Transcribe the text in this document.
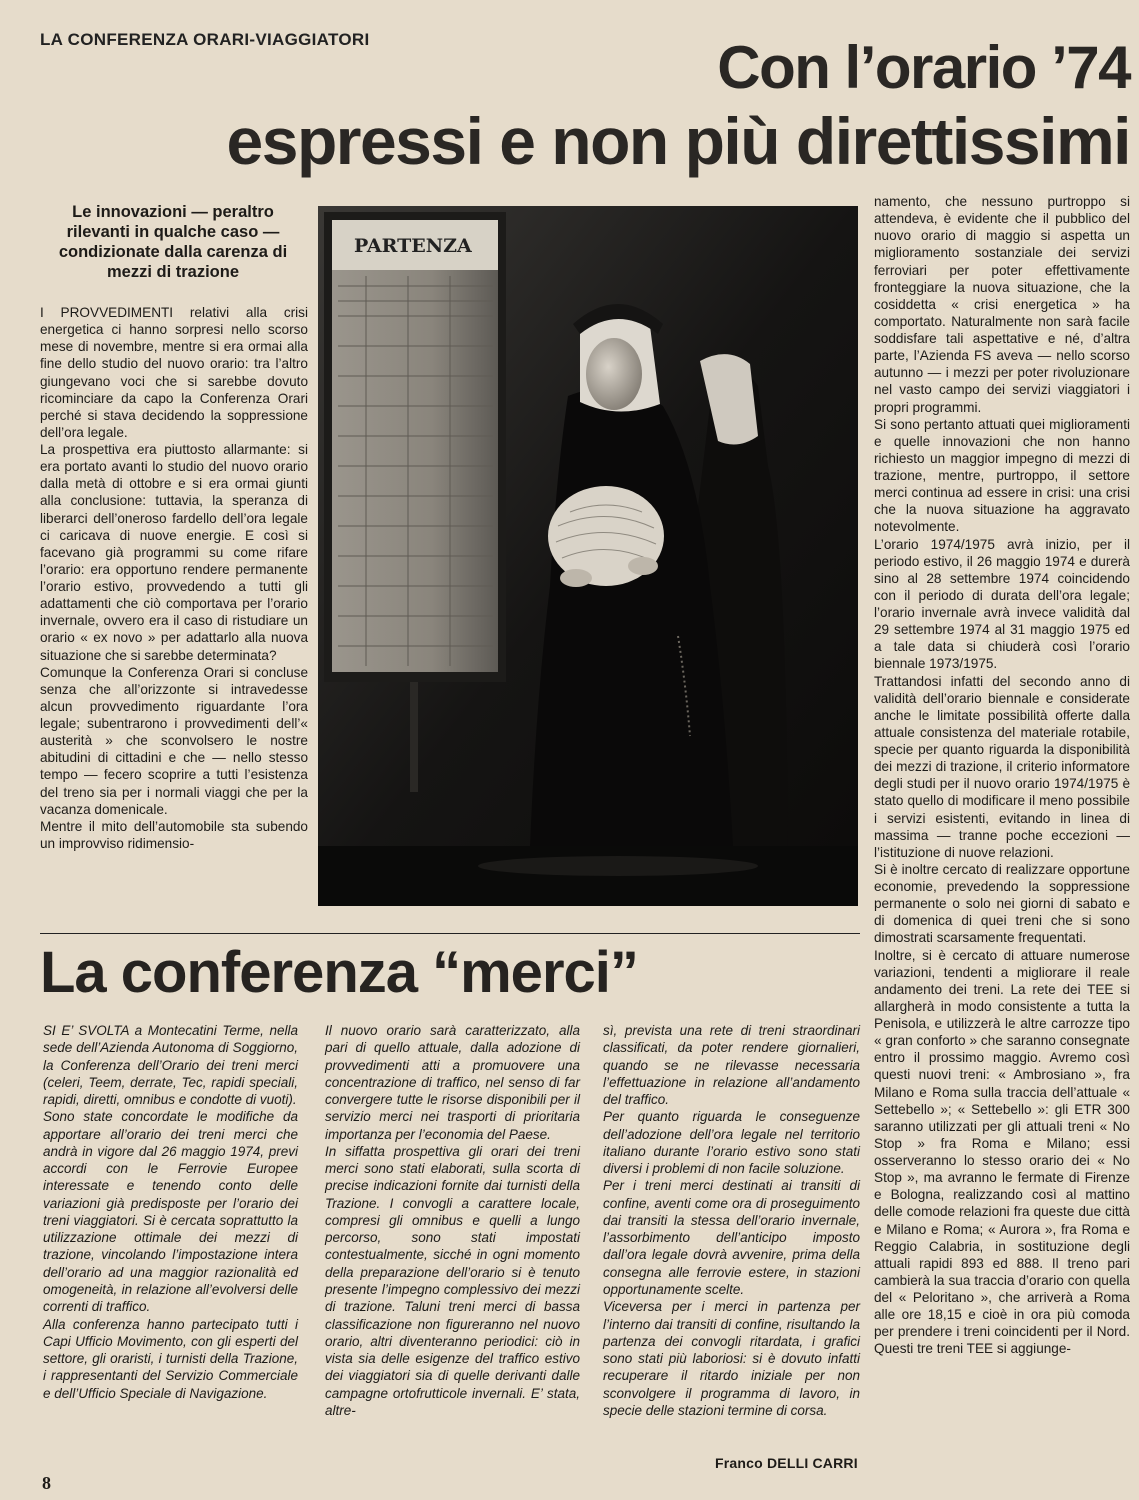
LA CONFERENZA ORARI-VIAGGIATORI	Con l’orario ’74
espressi e non più direttissimi
Le innovazioni — peraltro rilevanti in qualche caso — condizionate dalla carenza di mezzi di trazione

I PROVVEDIMENTI relativi alla crisi energetica ci hanno sorpresi nello scorso mese di novembre, mentre si era ormai alla fine dello studio del nuovo orario: tra l’altro giungevano voci che si sarebbe dovuto ricominciare da capo la Conferenza Orari perché si stava decidendo la soppressione dell’ora legale.

La prospettiva era piuttosto allarmante: si era portato avanti lo studio del nuovo orario dalla metà di ottobre e si era ormai giunti alla conclusione: tuttavia, la speranza di liberarci dell’oneroso fardello dell’ora legale ci caricava di nuove energie. E così si facevano già programmi su come rifare l’orario: era opportuno rendere permanente l’orario estivo, provvedendo a tutti gli adattamenti che ciò comportava per l’orario invernale, ovvero era il caso di ristudiare un orario « ex novo » per adattarlo alla nuova situazione che si sarebbe determinata?

Comunque la Conferenza Orari si concluse senza che all’orizzonte si intravedesse alcun provvedimento riguardante l’ora legale; subentrarono i provvedimenti dell’« austerità » che sconvolsero le nostre abitudini di cittadini e che — nello stesso tempo — fecero scoprire a tutti l’esistenza del treno sia per i normali viaggi che per la vacanza domenicale.

Mentre il mito dell’automobile sta subendo un improvviso ridimensio-

PARTENZA

namento, che nessuno purtroppo si attendeva, è evidente che il pubblico del nuovo orario di maggio si aspetta un miglioramento sostanziale dei servizi ferroviari per poter effettivamente fronteggiare la nuova situazione, che la cosiddetta « crisi energetica » ha comportato. Naturalmente non sarà facile soddisfare tali aspettative e né, d’altra parte, l’Azienda FS aveva — nello scorso autunno — i mezzi per poter rivoluzionare nel vasto campo dei servizi viaggiatori i propri programmi.

Si sono pertanto attuati quei miglioramenti e quelle innovazioni che non hanno richiesto un maggior impegno di mezzi di trazione, mentre, purtroppo, il settore merci continua ad essere in crisi: una crisi che la nuova situazione ha aggravato notevolmente.

L’orario 1974/1975 avrà inizio, per il periodo estivo, il 26 maggio 1974 e durerà sino al 28 settembre 1974 coincidendo con il periodo di durata dell’ora legale; l’orario invernale avrà invece validità dal 29 settembre 1974 al 31 maggio 1975 ed a tale data si chiuderà così l’orario biennale 1973/1975.

Trattandosi infatti del secondo anno di validità dell’orario biennale e considerate anche le limitate possibilità offerte dalla attuale consistenza del materiale rotabile, specie per quanto riguarda la disponibilità dei mezzi di trazione, il criterio informatore degli studi per il nuovo orario 1974/1975 è stato quello di modificare il meno possibile i servizi esistenti, evitando in linea di massima — tranne poche eccezioni — l’istituzione di nuove relazioni.

Si è inoltre cercato di realizzare opportune economie, prevedendo la soppressione permanente o solo nei giorni di sabato e di domenica di quei treni che si sono dimostrati scarsamente frequentati.

Inoltre, si è cercato di attuare numerose variazioni, tendenti a migliorare il reale andamento dei treni. La rete dei TEE si allargherà in modo consistente a tutta la Penisola, e utilizzerà le altre carrozze tipo « gran conforto » che saranno consegnate entro il prossimo maggio. Avremo così questi nuovi treni: « Ambrosiano », fra Milano e Roma sulla traccia dell’attuale « Settebello »; « Settebello »: gli ETR 300 saranno utilizzati per gli attuali treni « No Stop » fra Roma e Milano; essi osserveranno lo stesso orario dei « No Stop », ma avranno le fermate di Firenze e Bologna, realizzando così al mattino delle comode relazioni fra queste due città e Milano e Roma; « Aurora », fra Roma e Reggio Calabria, in sostituzione degli attuali rapidi 893 ed 888. Il treno pari cambierà la sua traccia d’orario con quella del « Peloritano », che arriverà a Roma alle ore 18,15 e cioè in ora più comoda per prendere i treni coincidenti per il Nord. Questi tre treni TEE si aggiunge-

La conferenza “merci”

SI E’ SVOLTA a Montecatini Terme, nella sede dell’Azienda Autonoma di Soggiorno, la Conferenza dell’Orario dei treni merci (celeri, Teem, derrate, Tec, rapidi speciali, rapidi, diretti, omnibus e condotte di vuoti).

Sono state concordate le modifiche da apportare all’orario dei treni merci che andrà in vigore dal 26 maggio 1974, previ accordi con le Ferrovie Europee interessate e tenendo conto delle variazioni già predisposte per l’orario dei treni viaggiatori. Si è cercata soprattutto la utilizzazione ottimale dei mezzi di trazione, vincolando l’impostazione intera dell’orario ad una maggior razionalità ed omogeneità, in relazione all’evolversi delle correnti di traffico.

Alla conferenza hanno partecipato tutti i Capi Ufficio Movimento, con gli esperti del settore, gli oraristi, i turnisti della Trazione, i rappresentanti del Servizio Commerciale e dell’Ufficio Speciale di Navigazione.

Il nuovo orario sarà caratterizzato, alla pari di quello attuale, dalla adozione di provvedimenti atti a promuovere una concentrazione di traffico, nel senso di far convergere tutte le risorse disponibili per il servizio merci nei trasporti di prioritaria importanza per l’economia del Paese.

In siffatta prospettiva gli orari dei treni merci sono stati elaborati, sulla scorta di precise indicazioni fornite dai turnisti della Trazione. I convogli a carattere locale, compresi gli omnibus e quelli a lungo percorso, sono stati impostati contestualmente, sicché in ogni momento della preparazione dell’orario si è tenuto presente l’impegno complessivo dei mezzi di trazione. Taluni treni merci di bassa classificazione non figureranno nel nuovo orario, altri diventeranno periodici: ciò in vista sia delle esigenze del traffico estivo dei viaggiatori sia di quelle derivanti dalle campagne ortofrutticole invernali. E’ stata, altre-

sì, prevista una rete di treni straordinari classificati, da poter rendere giornalieri, quando se ne rilevasse necessaria l’effettuazione in relazione all’andamento del traffico.

Per quanto riguarda le conseguenze dell’adozione dell’ora legale nel territorio italiano durante l’orario estivo sono stati diversi i problemi di non facile soluzione.

Per i treni merci destinati ai transiti di confine, aventi come ora di proseguimento dai transiti la stessa dell’orario invernale, l’assorbimento dell’anticipo imposto dall’ora legale dovrà avvenire, prima della consegna alle ferrovie estere, in stazioni opportunamente scelte.

Viceversa per i merci in partenza per l’interno dai transiti di confine, risultando la partenza dei convogli ritardata, i grafici sono stati più laboriosi: si è dovuto infatti recuperare il ritardo iniziale per non sconvolgere il programma di lavoro, in specie delle stazioni termine di corsa.

Franco DELLI CARRI
8
